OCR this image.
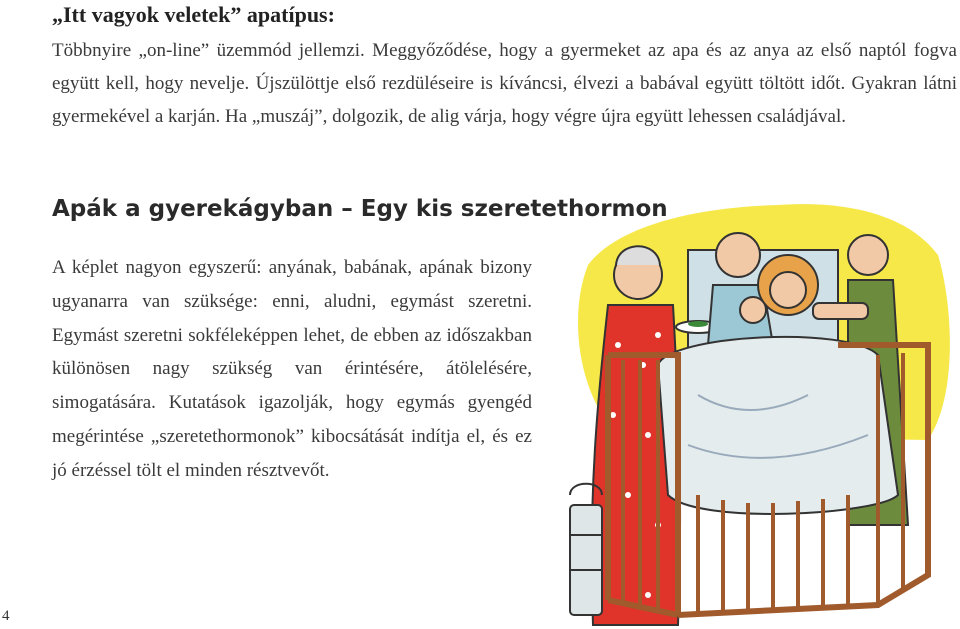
„Itt vagyok veletek” apatípus:

Többnyire „on-line” üzemmód jellemzi. Meggyőződése, hogy a gyermeket az apa és az anya az első naptól fogva együtt kell, hogy nevelje. Újszülöttje első rezdüléseire is kíváncsi, élvezi a babával együtt töltött időt. Gyakran látni gyermekével a karján. Ha „muszáj”, dolgozik, de alig várja, hogy végre újra együtt lehessen családjával.

Apák a gyerekágyban – Egy kis szeretethormon

A képlet nagyon egyszerű: anyának, babának, apának bizony ugyanarra van szüksége: enni, aludni, egymást szeretni. Egymást szeretni sokféleképpen lehet, de ebben az időszakban különösen nagy szükség van érintésére, átölelésére, simogatására. Kutatások igazolják, hogy egymás gyengéd megérintése „szeretethormonok” kibocsátását indítja el, és ez jó érzéssel tölt el minden résztvevőt.

4
